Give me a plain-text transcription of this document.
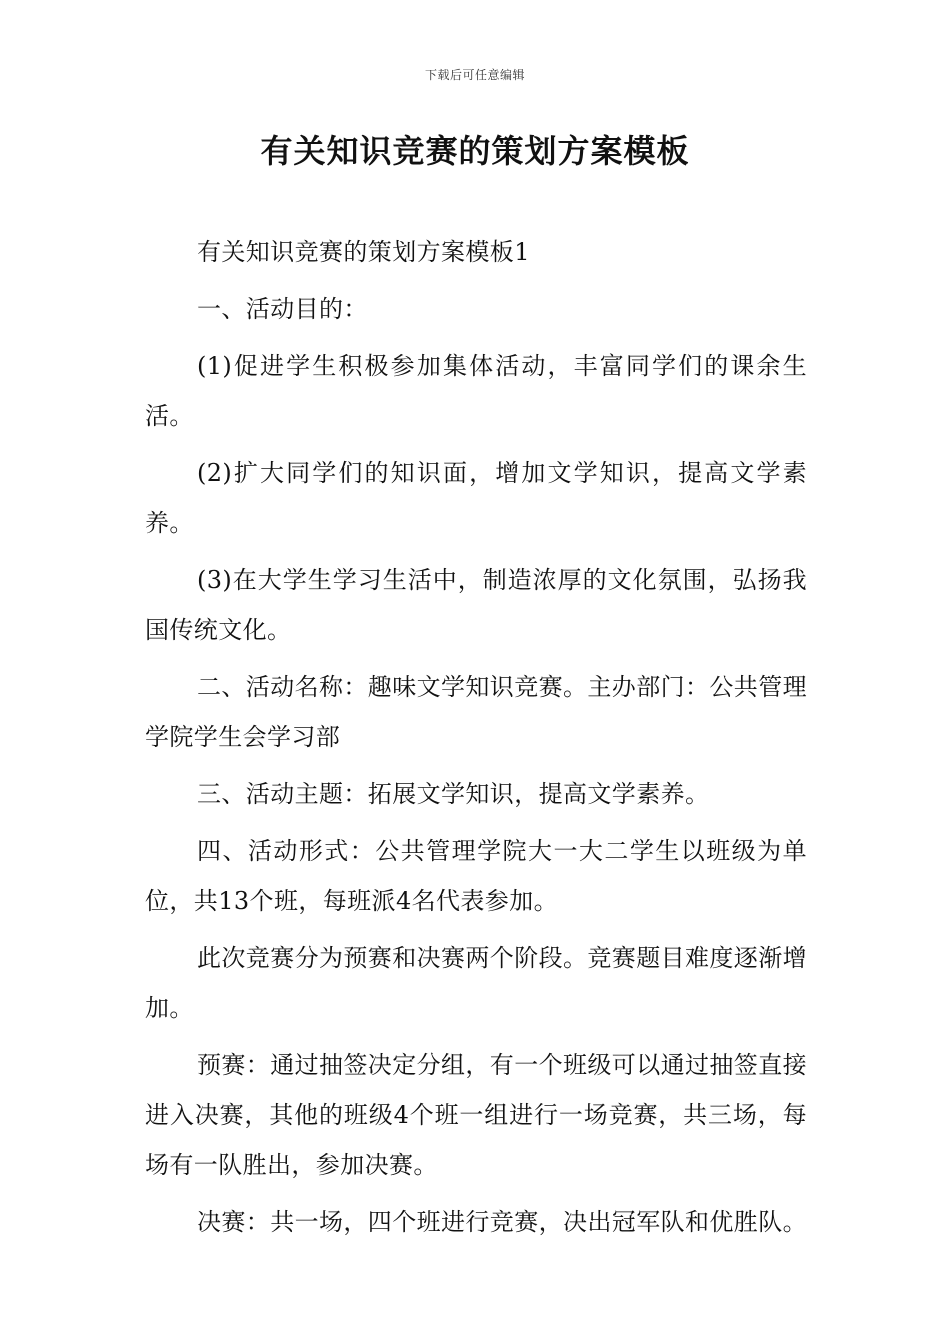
下载后可任意编辑
有关知识竞赛的策划方案模板

有关知识竞赛的策划方案模板1

一、活动目的：

(1)促进学生积极参加集体活动，丰富同学们的课余生活。

(2)扩大同学们的知识面，增加文学知识，提高文学素养。

(3)在大学生学习生活中，制造浓厚的文化氛围，弘扬我国传统文化。

二、活动名称：趣味文学知识竞赛。主办部门：公共管理学院学生会学习部

三、活动主题：拓展文学知识，提高文学素养。

四、活动形式：公共管理学院大一大二学生以班级为单位，共13个班，每班派4名代表参加。

此次竞赛分为预赛和决赛两个阶段。竞赛题目难度逐渐增加。

预赛：通过抽签决定分组，有一个班级可以通过抽签直接进入决赛，其他的班级4个班一组进行一场竞赛，共三场，每场有一队胜出，参加决赛。

决赛：共一场，四个班进行竞赛，决出冠军队和优胜队。
